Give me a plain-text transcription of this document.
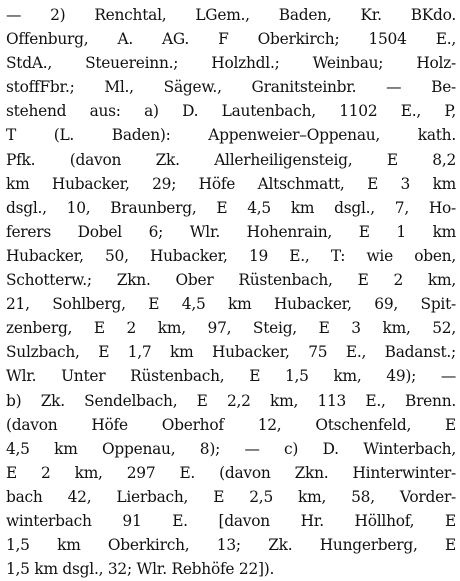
— 2) Renchtal, LGem., Baden, Kr. BKdo.
Offenburg, A. AG. F Oberkirch; 1504 E.,
StdA., Steuereinn.; Holzhdl.; Weinbau; Holz-
stoffFbr.; Ml., Sägew., Granitsteinbr. — Be-
stehend aus: a) D. Lautenbach, 1102 E., P,
T (L. Baden): Appenweier–Oppenau, kath.
Pfk. (davon Zk. Allerheiligensteig, E 8,2
km Hubacker, 29; Höfe Altschmatt, E 3 km
dsgl., 10, Braunberg, E 4,5 km dsgl., 7, Ho-
ferers Dobel 6; Wlr. Hohenrain, E 1 km
Hubacker, 50, Hubacker, 19 E., T: wie oben,
Schotterw.; Zkn. Ober Rüstenbach, E 2 km,
21, Sohlberg, E 4,5 km Hubacker, 69, Spit-
zenberg, E 2 km, 97, Steig, E 3 km, 52,
Sulzbach, E 1,7 km Hubacker, 75 E., Badanst.;
Wlr. Unter Rüstenbach, E 1,5 km, 49); —
b) Zk. Sendelbach, E 2,2 km, 113 E., Brenn.
(davon Höfe Oberhof 12, Otschenfeld, E
4,5 km Oppenau, 8); — c) D. Winterbach,
E 2 km, 297 E. (davon Zkn. Hinterwinter-
bach 42, Lierbach, E 2,5 km, 58, Vorder-
winterbach 91 E. [davon Hr. Höllhof, E
1,5 km Oberkirch, 13; Zk. Hungerberg, E
1,5 km dsgl., 32; Wlr. Rebhöfe 22]).
